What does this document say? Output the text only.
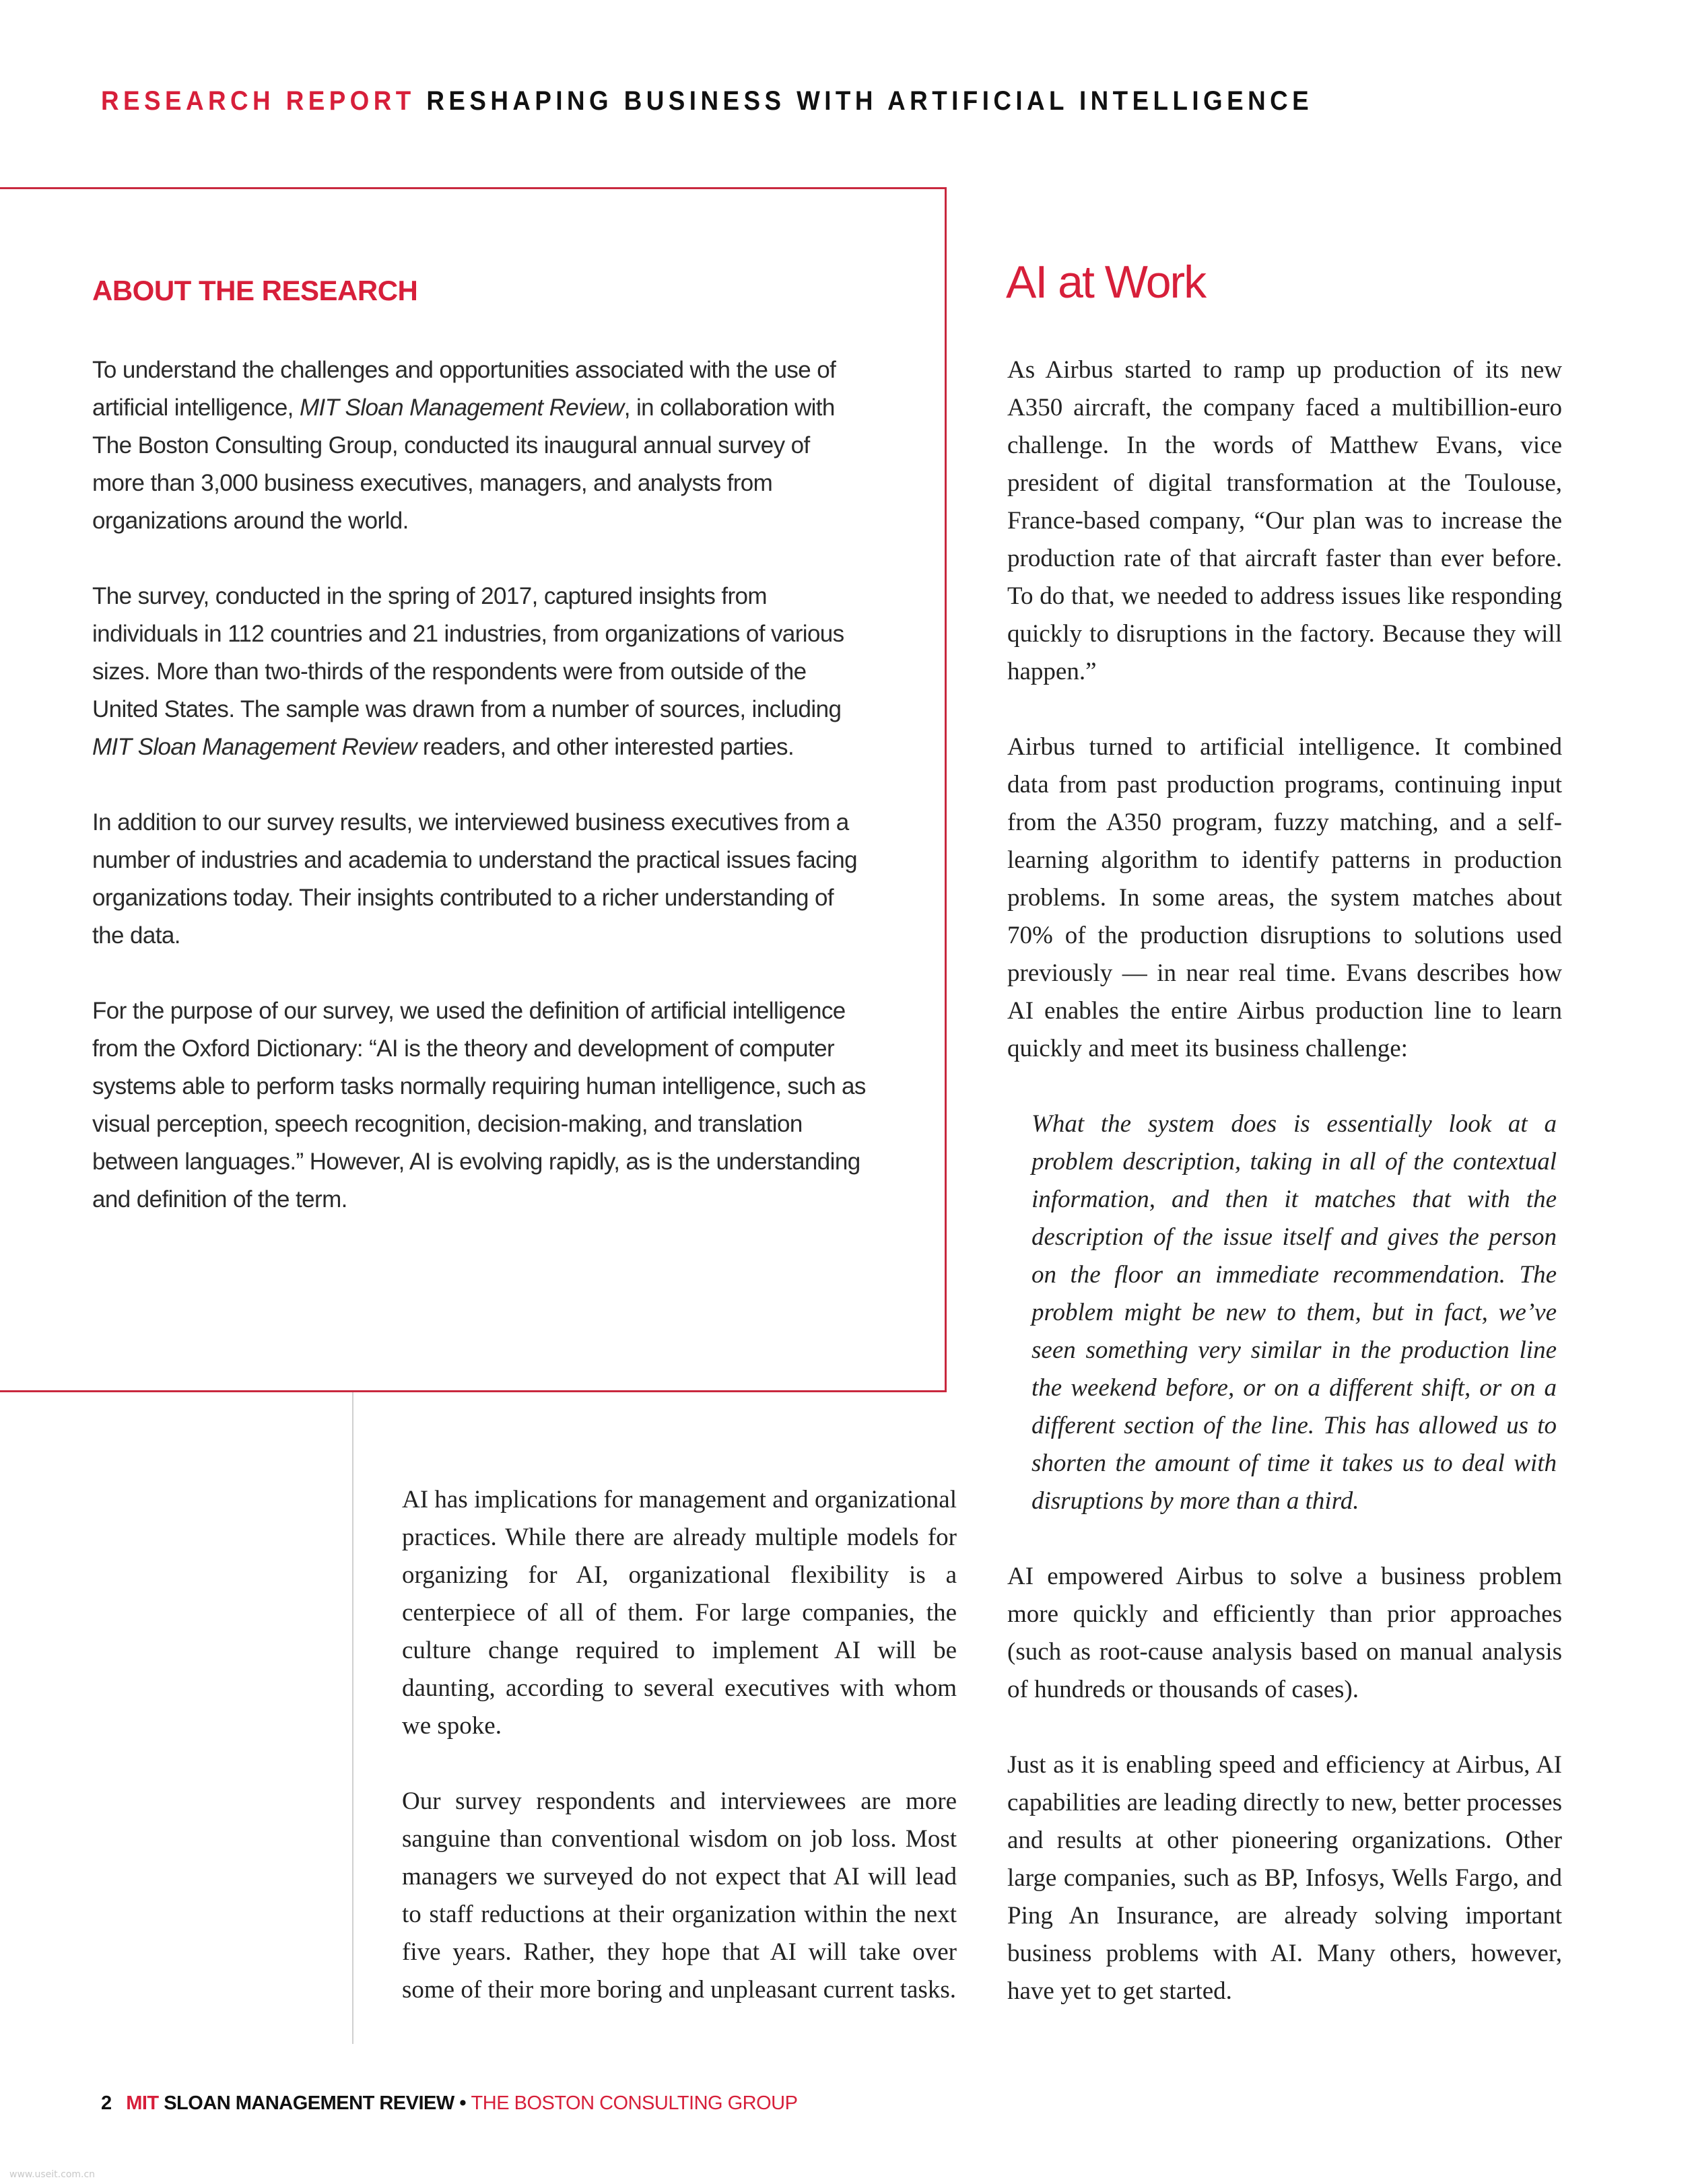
RESEARCH REPORT RESHAPING BUSINESS WITH ARTIFICIAL INTELLIGENCE
ABOUT THE RESEARCH

To understand the challenges and opportunities associated with the use of artificial intelligence, MIT Sloan Management Review, in collaboration with The Boston Consulting Group, conducted its inaugural annual survey of more than 3,000 business executives, managers, and analysts from organizations around the world.

The survey, conducted in the spring of 2017, captured insights from individuals in 112 countries and 21 industries, from organizations of various sizes. More than two-thirds of the respondents were from outside of the United States. The sample was drawn from a number of sources, including MIT Sloan Management Review readers, and other interested parties.

In addition to our survey results, we interviewed business executives from a number of industries and academia to understand the practical issues facing organizations today. Their insights contributed to a richer understanding of the data.

For the purpose of our survey, we used the definition of artificial intelligence from the Oxford Dictionary: “AI is the theory and development of computer systems able to perform tasks normally requiring human intelligence, such as visual perception, speech recognition, decision-making, and translation between languages.” However, AI is evolving rapidly, as is the understanding and definition of the term.

AI at Work

As Airbus started to ramp up production of its new A350 aircraft, the company faced a multibillion-euro challenge. In the words of Matthew Evans, vice president of digital transformation at the Toulouse, France-based company, “Our plan was to increase the production rate of that aircraft faster than ever before. To do that, we needed to address issues like responding quickly to disruptions in the factory. Because they will happen.”

Airbus turned to artificial intelligence. It combined data from past production programs, continuing input from the A350 program, fuzzy matching, and a self-learning algorithm to identify patterns in production problems. In some areas, the system matches about 70% of the production disruptions to solutions used previously — in near real time. Evans describes how AI enables the entire Airbus production line to learn quickly and meet its business challenge:

What the system does is essentially look at a problem description, taking in all of the contextual information, and then it matches that with the description of the issue itself and gives the person on the floor an immediate recommendation. The problem might be new to them, but in fact, we’ve seen something very similar in the production line the weekend before, or on a different shift, or on a different section of the line. This has allowed us to shorten the amount of time it takes us to deal with disruptions by more than a third.

AI empowered Airbus to solve a business problem more quickly and efficiently than prior approaches (such as root-cause analysis based on manual analysis of hundreds or thousands of cases).

Just as it is enabling speed and efficiency at Airbus, AI capabilities are leading directly to new, better processes and results at other pioneering organizations. Other large companies, such as BP, Infosys, Wells Fargo, and Ping An Insurance, are already solving important business problems with AI. Many others, however, have yet to get started.

AI has implications for management and organizational practices. While there are already multiple models for organizing for AI, organizational flexibility is a centerpiece of all of them. For large companies, the culture change required to implement AI will be daunting, according to several executives with whom we spoke.

Our survey respondents and interviewees are more sanguine than conventional wisdom on job loss. Most managers we surveyed do not expect that AI will lead to staff reductions at their organization within the next five years. Rather, they hope that AI will take over some of their more boring and unpleasant current tasks.

2 MIT SLOAN MANAGEMENT REVIEW • THE BOSTON CONSULTING GROUP
www.useit.com.cn
